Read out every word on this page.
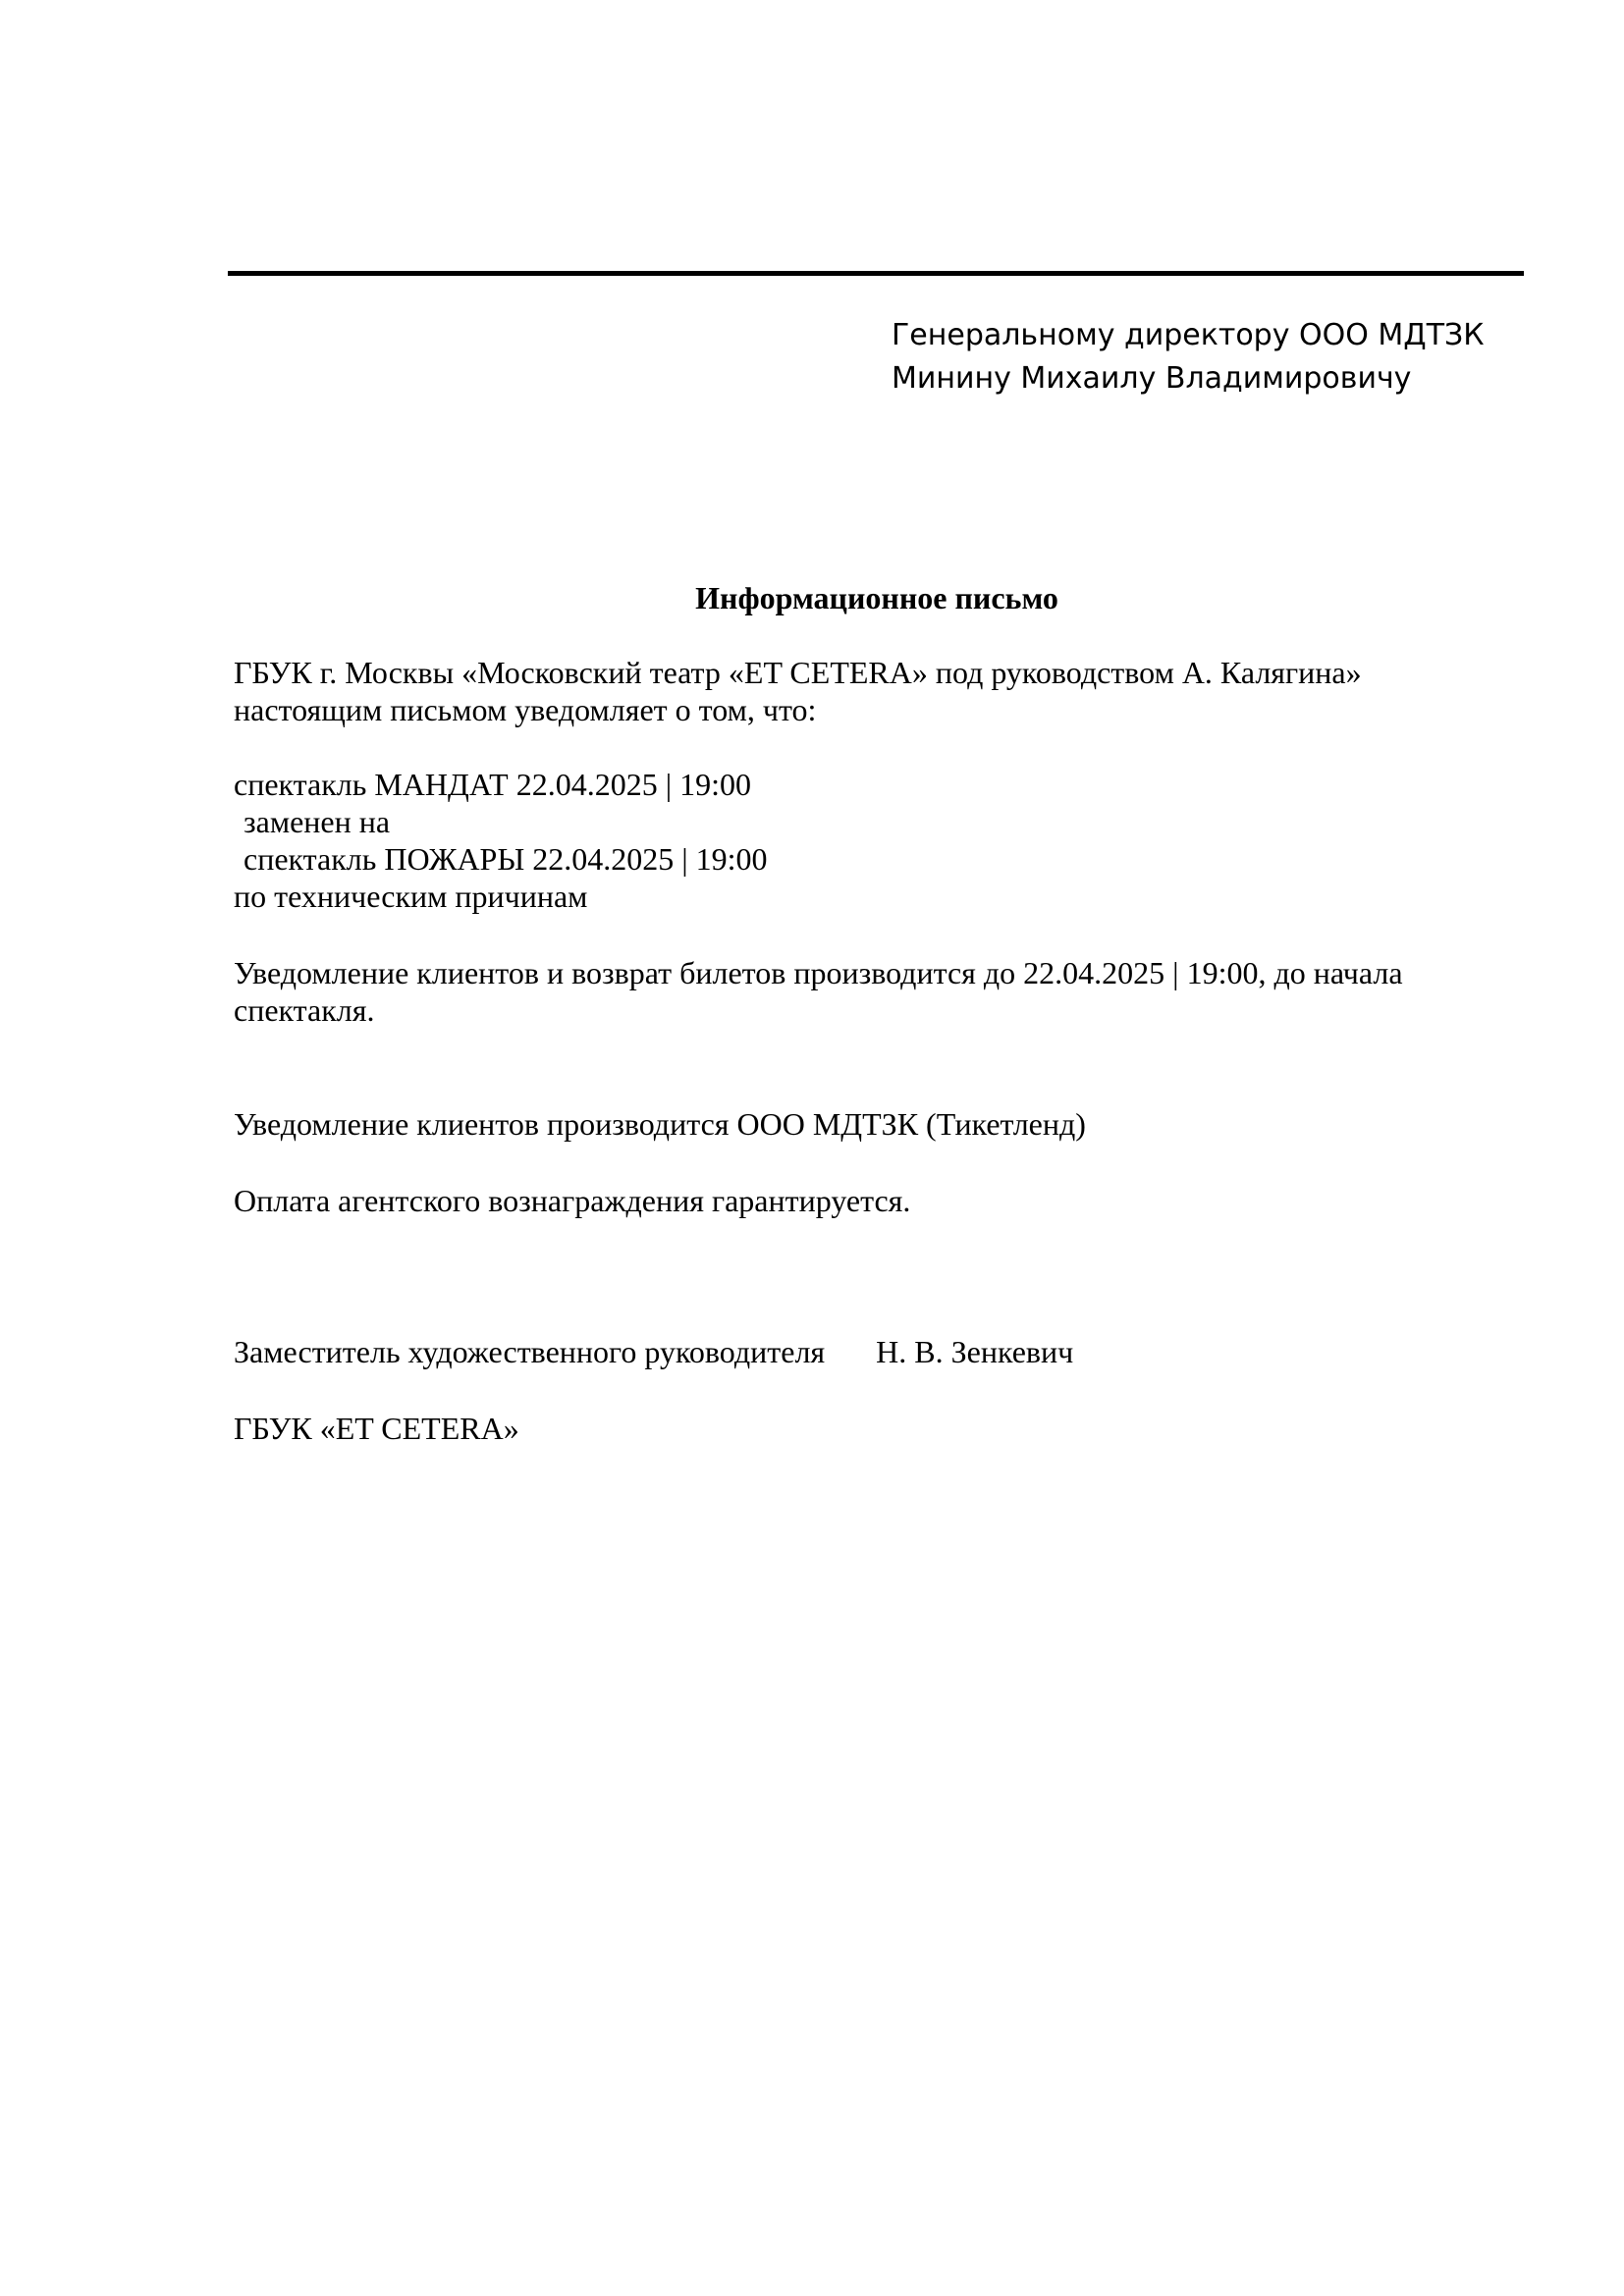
Генеральному директору ООО МДТЗК
Минину Михаилу Владимировичу
Информационное письмо
ГБУК г. Москвы «Московский театр «ET CETERA» под руководством А. Калягина»
настоящим письмом уведомляет о том, что:
спектакль МАНДАТ 22.04.2025 | 19:00
заменен на
спектакль ПОЖАРЫ 22.04.2025 | 19:00
по техническим причинам
Уведомление клиентов и возврат билетов производится до 22.04.2025 | 19:00, до начала
спектакля.
Уведомление клиентов производится ООО МДТЗК (Тикетленд)
Оплата агентского вознаграждения гарантируется.
Заместитель художественного руководителя Н. В. Зенкевич
ГБУК «ET CETERA»
